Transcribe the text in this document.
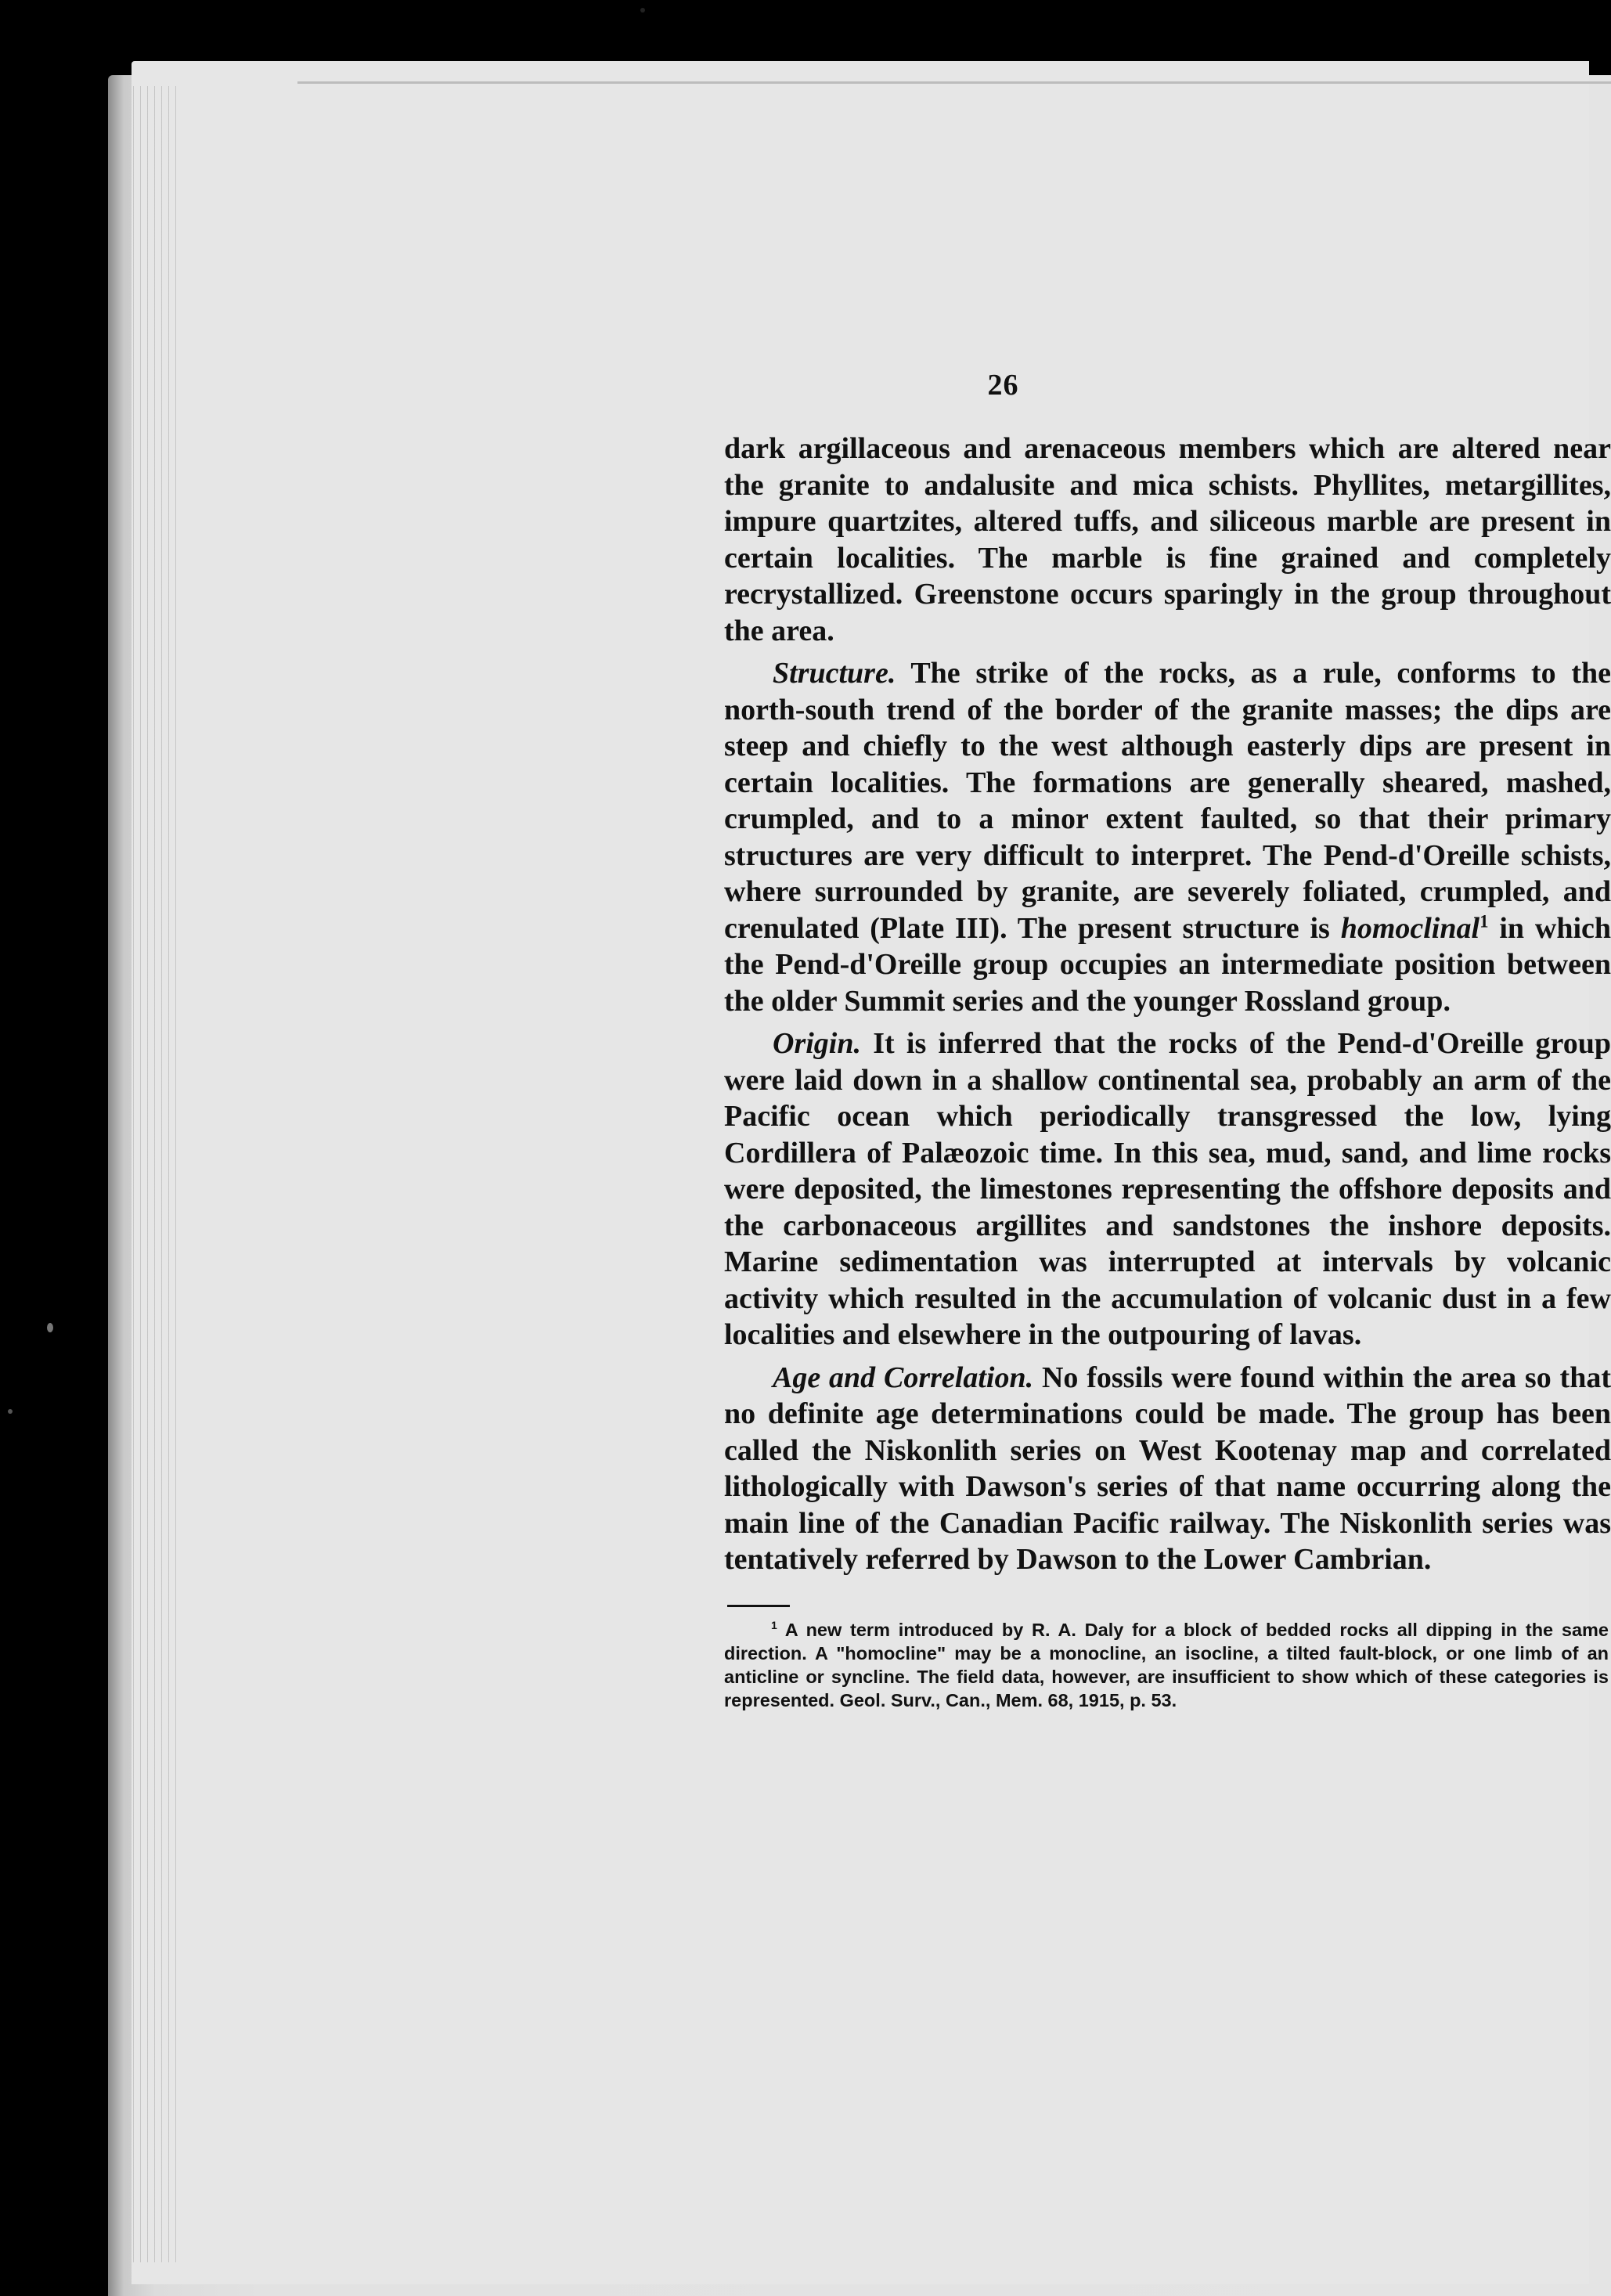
26

dark argillaceous and arenaceous members which are altered near the granite to andalusite and mica schists. Phyllites, metargillites, impure quartzites, altered tuffs, and siliceous marble are present in certain localities. The marble is fine grained and completely recrystallized. Greenstone occurs sparingly in the group throughout the area.

Structure. The strike of the rocks, as a rule, conforms to the north-south trend of the border of the granite masses; the dips are steep and chiefly to the west although easterly dips are present in certain localities. The formations are generally sheared, mashed, crumpled, and to a minor extent faulted, so that their primary structures are very difficult to interpret. The Pend-d'Oreille schists, where surrounded by granite, are severely foliated, crumpled, and crenulated (Plate III). The present structure is homoclinal$^1$ in which the Pend-d'Oreille group occupies an intermediate position between the older Summit series and the younger Rossland group.

Origin. It is inferred that the rocks of the Pend-d'Oreille group were laid down in a shallow continental sea, probably an arm of the Pacific ocean which periodically transgressed the low, lying Cordillera of Palæozoic time. In this sea, mud, sand, and lime rocks were deposited, the limestones representing the offshore deposits and the carbonaceous argillites and sandstones the inshore deposits. Marine sedimentation was interrupted at intervals by volcanic activity which resulted in the accumulation of volcanic dust in a few localities and elsewhere in the outpouring of lavas.

Age and Correlation. No fossils were found within the area so that no definite age determinations could be made. The group has been called the Niskonlith series on West Kootenay map and correlated lithologically with Dawson's series of that name occurring along the main line of the Canadian Pacific railway. The Niskonlith series was tentatively referred by Dawson to the Lower Cambrian.

$^1$ A new term introduced by R. A. Daly for a block of bedded rocks all dipping in the same direction. A "homocline" may be a monocline, an isocline, a tilted fault-block, or one limb of an anticline or syncline. The field data, however, are insufficient to show which of these categories is represented. Geol. Surv., Can., Mem. 68, 1915, p. 53.
